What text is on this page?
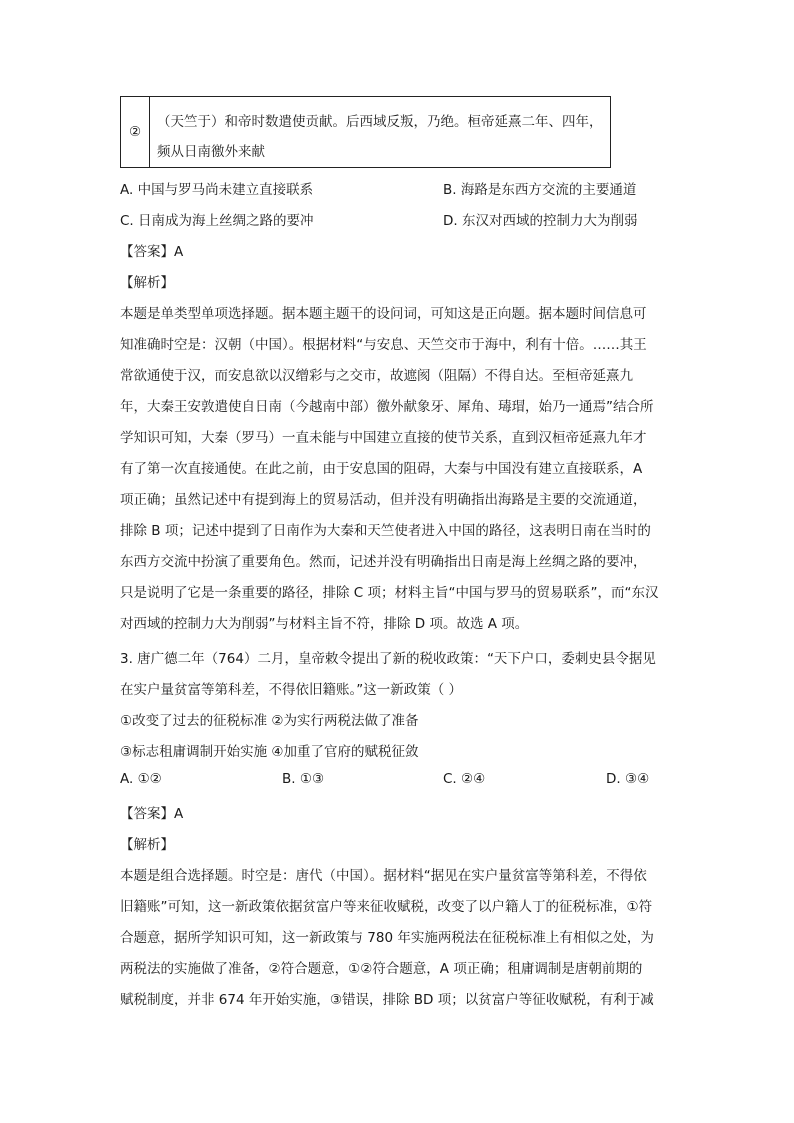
②
（天竺于）和帝时数遣使贡献。后西域反叛，乃绝。桓帝延熹二年、四年，
频从日南徼外来献
A. 中国与罗马尚未建立直接联系	B. 海路是东西方交流的主要通道
C. 日南成为海上丝绸之路的要冲	D. 东汉对西域的控制力大为削弱
【答案】A
【解析】
本题是单类型单项选择题。据本题主题干的设问词，可知这是正向题。据本题时间信息可
知准确时空是：汉朝（中国）。根据材料“与安息、天竺交市于海中，利有十倍。……其王
常欲通使于汉，而安息欲以汉缯彩与之交市，故遮阂（阻隔）不得自达。至桓帝延熹九
年，大秦王安敦遣使自日南（今越南中部）徼外献象牙、犀角、瑇瑁，始乃一通焉”结合所
学知识可知，大秦（罗马）一直未能与中国建立直接的使节关系，直到汉桓帝延熹九年才
有了第一次直接通使。在此之前，由于安息国的阻碍，大秦与中国没有建立直接联系，A
项正确；虽然记述中有提到海上的贸易活动，但并没有明确指出海路是主要的交流通道，
排除 B 项；记述中提到了日南作为大秦和天竺使者进入中国的路径，这表明日南在当时的
东西方交流中扮演了重要角色。然而，记述并没有明确指出日南是海上丝绸之路的要冲，
只是说明了它是一条重要的路径，排除 C 项；材料主旨“中国与罗马的贸易联系”，而“东汉
对西域的控制力大为削弱”与材料主旨不符，排除 D 项。故选 A 项。
3. 唐广德二年（764）二月，皇帝敕令提出了新的税收政策：“天下户口，委刺史县令据见
在实户量贫富等第科差，不得依旧籍账。”这一新政策（ ）
①改变了过去的征税标准 ②为实行两税法做了准备
③标志租庸调制开始实施 ④加重了官府的赋税征敛
A. ①②	B. ①③	C. ②④	D. ③④
【答案】A
【解析】
本题是组合选择题。时空是：唐代（中国）。据材料“据见在实户量贫富等第科差，不得依
旧籍账”可知，这一新政策依据贫富户等来征收赋税，改变了以户籍人丁的征税标准，①符
合题意，据所学知识可知，这一新政策与 780 年实施两税法在征税标准上有相似之处，为
两税法的实施做了准备，②符合题意，①②符合题意，A 项正确；租庸调制是唐朝前期的
赋税制度，并非 674 年开始实施，③错误，排除 BD 项；以贫富户等征收赋税，有利于减
